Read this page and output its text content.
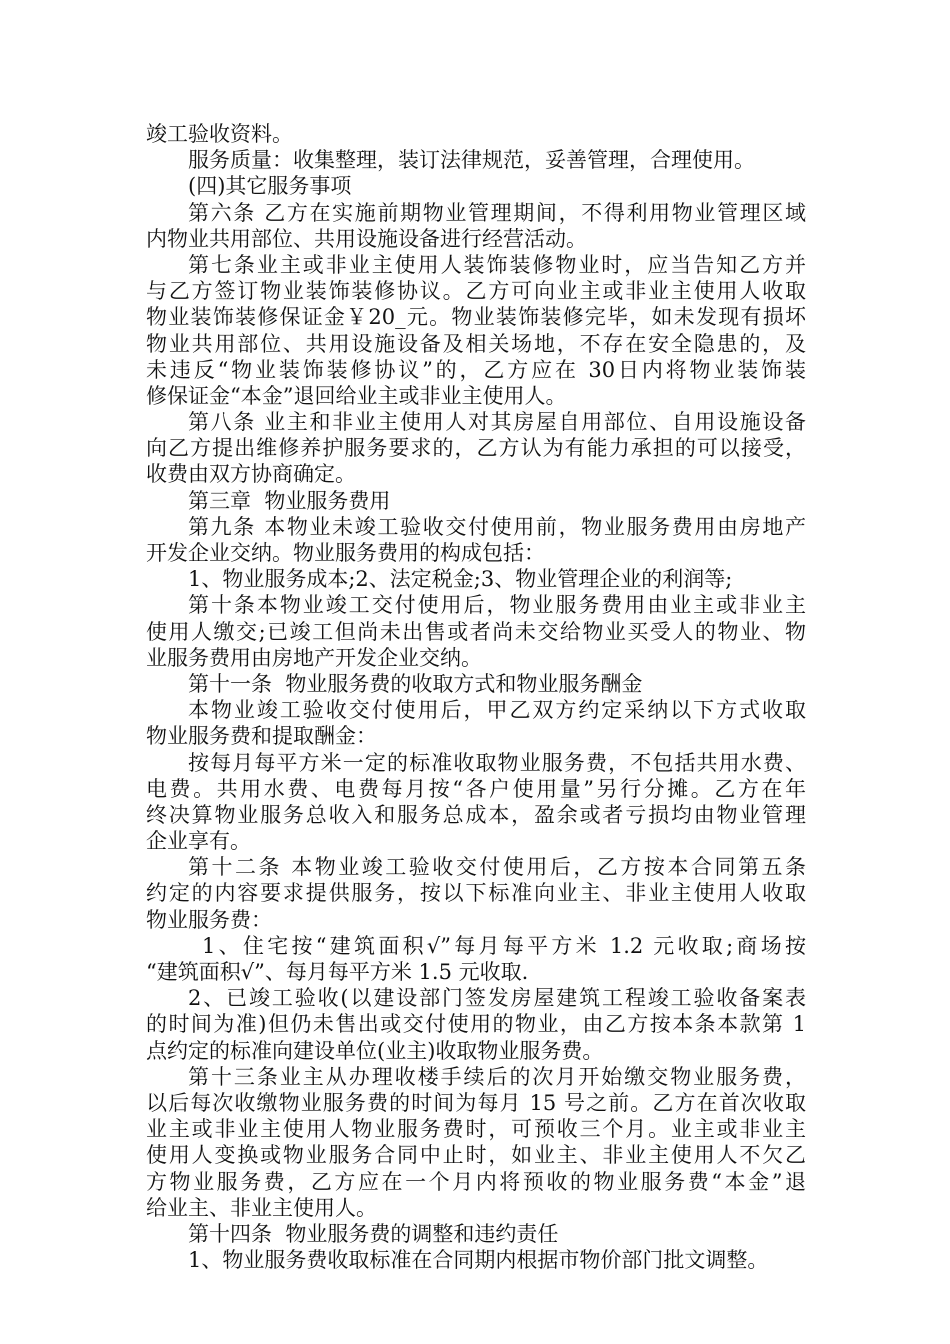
竣工验收资料。
服务质量：收集整理，装订法律规范，妥善管理，合理使用。
(四)其它服务事项
第六条 乙方在实施前期物业管理期间，不得利用物业管理区域
内物业共用部位、共用设施设备进行经营活动。
第七条业主或非业主使用人装饰装修物业时，应当告知乙方并
与乙方签订物业装饰装修协议。乙方可向业主或非业主使用人收取
物业装饰装修保证金￥20_元。物业装饰装修完毕，如未发现有损坏
物业共用部位、共用设施设备及相关场地，不存在安全隐患的，及
未违反“物业装饰装修协议”的，乙方应在 30日内将物业装饰装
修保证金“本金”退回给业主或非业主使用人。
第八条 业主和非业主使用人对其房屋自用部位、自用设施设备
向乙方提出维修养护服务要求的，乙方认为有能力承担的可以接受，
收费由双方协商确定。
第三章  物业服务费用
第九条 本物业未竣工验收交付使用前，物业服务费用由房地产
开发企业交纳。物业服务费用的构成包括：
1、物业服务成本;2、法定税金;3、物业管理企业的利润等;
第十条本物业竣工交付使用后，物业服务费用由业主或非业主
使用人缴交;已竣工但尚未出售或者尚未交给物业买受人的物业、物
业服务费用由房地产开发企业交纳。
第十一条  物业服务费的收取方式和物业服务酬金
本物业竣工验收交付使用后，甲乙双方约定采纳以下方式收取
物业服务费和提取酬金：
按每月每平方米一定的标准收取物业服务费，不包括共用水费、
电费。共用水费、电费每月按“各户使用量”另行分摊。乙方在年
终决算物业服务总收入和服务总成本，盈余或者亏损均由物业管理
企业享有。
第十二条 本物业竣工验收交付使用后，乙方按本合同第五条
约定的内容要求提供服务，按以下标准向业主、非业主使用人收取
物业服务费：
1、住宅按“建筑面积√”每月每平方米 1.2 元收取;商场按
“建筑面积√”、每月每平方米 1.5 元收取.
2、已竣工验收(以建设部门签发房屋建筑工程竣工验收备案表
的时间为准)但仍未售出或交付使用的物业，由乙方按本条本款第 1
点约定的标准向建设单位(业主)收取物业服务费。
第十三条业主从办理收楼手续后的次月开始缴交物业服务费，
以后每次收缴物业服务费的时间为每月 15 号之前。乙方在首次收取
业主或非业主使用人物业服务费时，可预收三个月。业主或非业主
使用人变换或物业服务合同中止时，如业主、非业主使用人不欠乙
方物业服务费，乙方应在一个月内将预收的物业服务费“本金”退
给业主、非业主使用人。
第十四条  物业服务费的调整和违约责任
1、物业服务费收取标准在合同期内根据市物价部门批文调整。
